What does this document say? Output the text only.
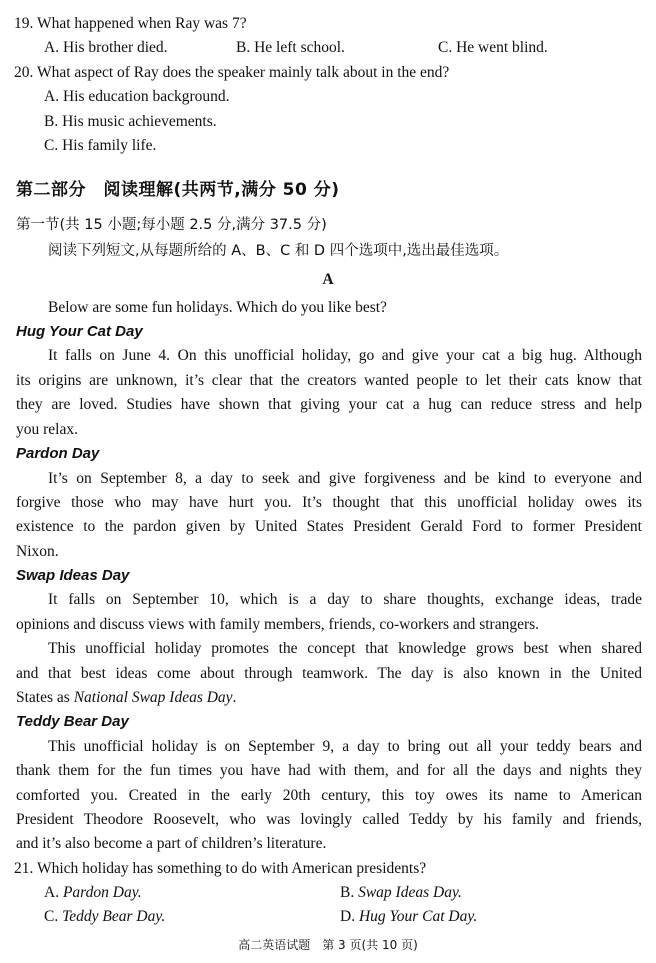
19. What happened when Ray was 7?
A. His brother died.	B. He left school.	C. He went blind.
20. What aspect of Ray does the speaker mainly talk about in the end?
A. His education background.
B. His music achievements.
C. His family life.
第二部分　阅读理解(共两节,满分 50 分)
第一节(共 15 小题;每小题 2.5 分,满分 37.5 分)
阅读下列短文,从每题所给的 A、B、C 和 D 四个选项中,选出最佳选项。
A
Below are some fun holidays. Which do you like best?
Hug Your Cat Day
It falls on June 4. On this unofficial holiday, go and give your cat a big hug. Although
its origins are unknown, it’s clear that the creators wanted people to let their cats know that
they are loved. Studies have shown that giving your cat a hug can reduce stress and help
you relax.
Pardon Day
It’s on September 8, a day to seek and give forgiveness and be kind to everyone and
forgive those who may have hurt you. It’s thought that this unofficial holiday owes its
existence to the pardon given by United States President Gerald Ford to former President
Nixon.
Swap Ideas Day
It falls on September 10, which is a day to share thoughts, exchange ideas, trade
opinions and discuss views with family members, friends, co-workers and strangers.
This unofficial holiday promotes the concept that knowledge grows best when shared
and that best ideas come about through teamwork. The day is also known in the United
States as National Swap Ideas Day.
Teddy Bear Day
This unofficial holiday is on September 9, a day to bring out all your teddy bears and
thank them for the fun times you have had with them, and for all the days and nights they
comforted you. Created in the early 20th century, this toy owes its name to American
President Theodore Roosevelt, who was lovingly called Teddy by his family and friends,
and it’s also become a part of children’s literature.
21. Which holiday has something to do with American presidents?
A. Pardon Day.	B. Swap Ideas Day.
C. Teddy Bear Day.	D. Hug Your Cat Day.
高二英语试题　第 3 页(共 10 页)
